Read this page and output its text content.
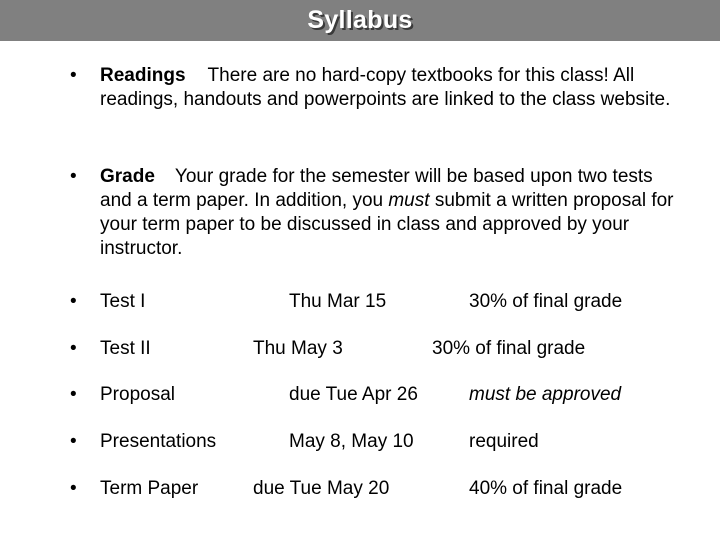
Syllabus
• Readings There are no hard-copy textbooks for this class! All readings, handouts and powerpoints are linked to the class website.
• Grade Your grade for the semester will be based upon two tests and a term paper. In addition, you must submit a written proposal for your term paper to be discussed in class and approved by your instructor.
• Test I	Thu Mar 15	30% of final grade
• Test II	Thu May 3	30% of final grade
• Proposal	due Tue Apr 26	must be approved
• Presentations	May 8, May 10	required
• Term Paper	due Tue May 20	40% of final grade
